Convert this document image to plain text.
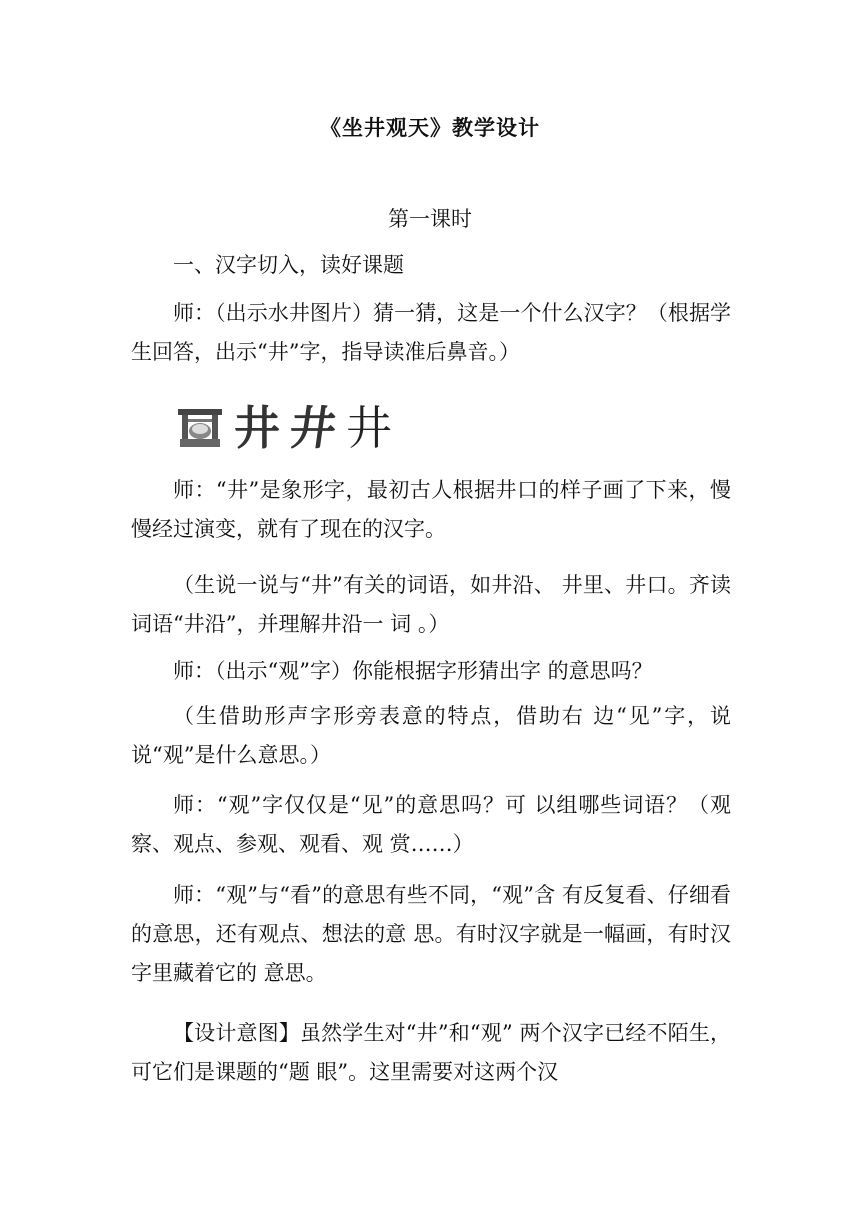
《坐井观天》教学设计
第一课时
一、汉字切入，读好课题
师：（出示水井图片）猜一猜，这是一个什么汉字？（根据学生回答，出示“井”字，指导读准后鼻音。）
井 井 井
师：“井”是象形字，最初古人根据井口的样子画了下来，慢 慢经过演变，就有了现在的汉字。
（生说一说与“井”有关的词语，如井沿、 井里、井口。齐读词语“井沿”，并理解井沿一 词 。）
师：（出示“观”字）你能根据字形猜出字 的意思吗？
（生借助形声字形旁表意的特点，借助右 边“见”字，说说“观”是什么意思。）
师：“观”字仅仅是“见”的意思吗？可 以组哪些词语？（观察、观点、参观、观看、观 赏……）
师：“观”与“看”的意思有些不同，“观”含 有反复看、仔细看的意思，还有观点、想法的意 思。有时汉字就是一幅画，有时汉字里藏着它的 意思。
【设计意图】虽然学生对“井”和“观” 两个汉字已经不陌生，可它们是课题的“题 眼”。这里需要对这两个汉
